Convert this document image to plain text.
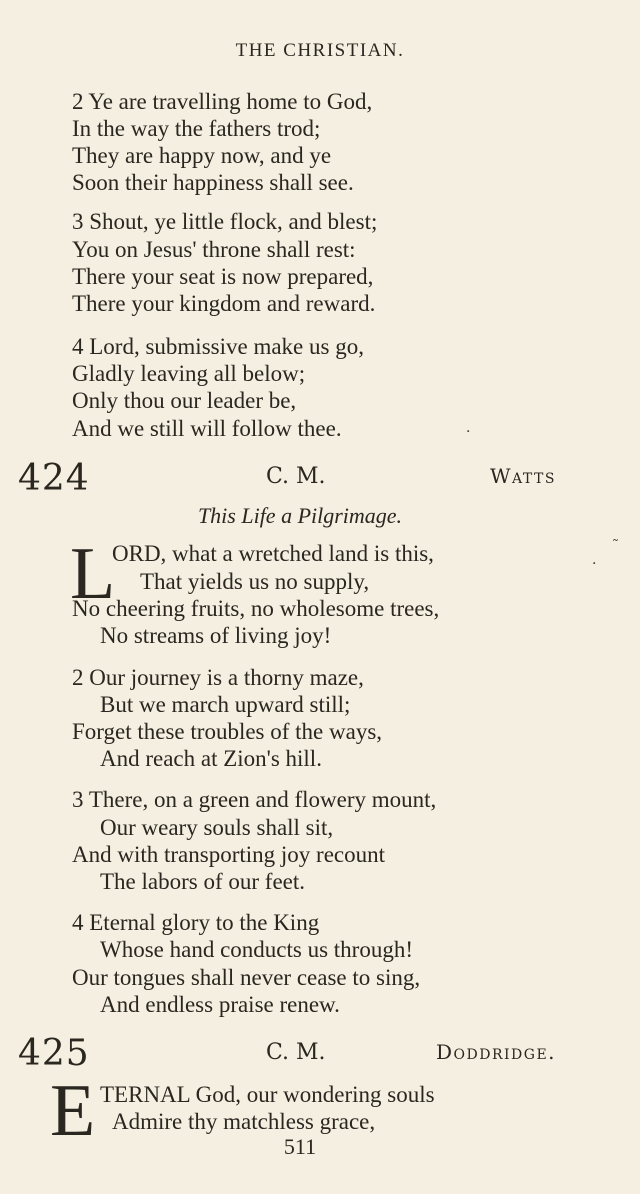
THE CHRISTIAN.
2 Ye are travelling home to God,
In the way the fathers trod;
They are happy now, and ye
Soon their happiness shall see.
3 Shout, ye little flock, and blest;
You on Jesus' throne shall rest:
There your seat is now prepared,
There your kingdom and reward.
4 Lord, submissive make us go,
Gladly leaving all below;
Only thou our leader be,
And we still will follow thee.	·
424	C. M.	Watts
This Life a Pilgrimage.
L
ORD, what a wretched land is this,
That yields us no supply,
No cheering fruits, no wholesome trees,
No streams of living joy!
2 Our journey is a thorny maze,
But we march upward still;
Forget these troubles of the ways,
And reach at Zion's hill.
3 There, on a green and flowery mount,
Our weary souls shall sit,
And with transporting joy recount
The labors of our feet.
4 Eternal glory to the King
Whose hand conducts us through!
Our tongues shall never cease to sing,
And endless praise renew.
˜
·
425	C. M.	Doddridge.
E TERNAL God, our wondering souls
Admire thy matchless grace,
511
